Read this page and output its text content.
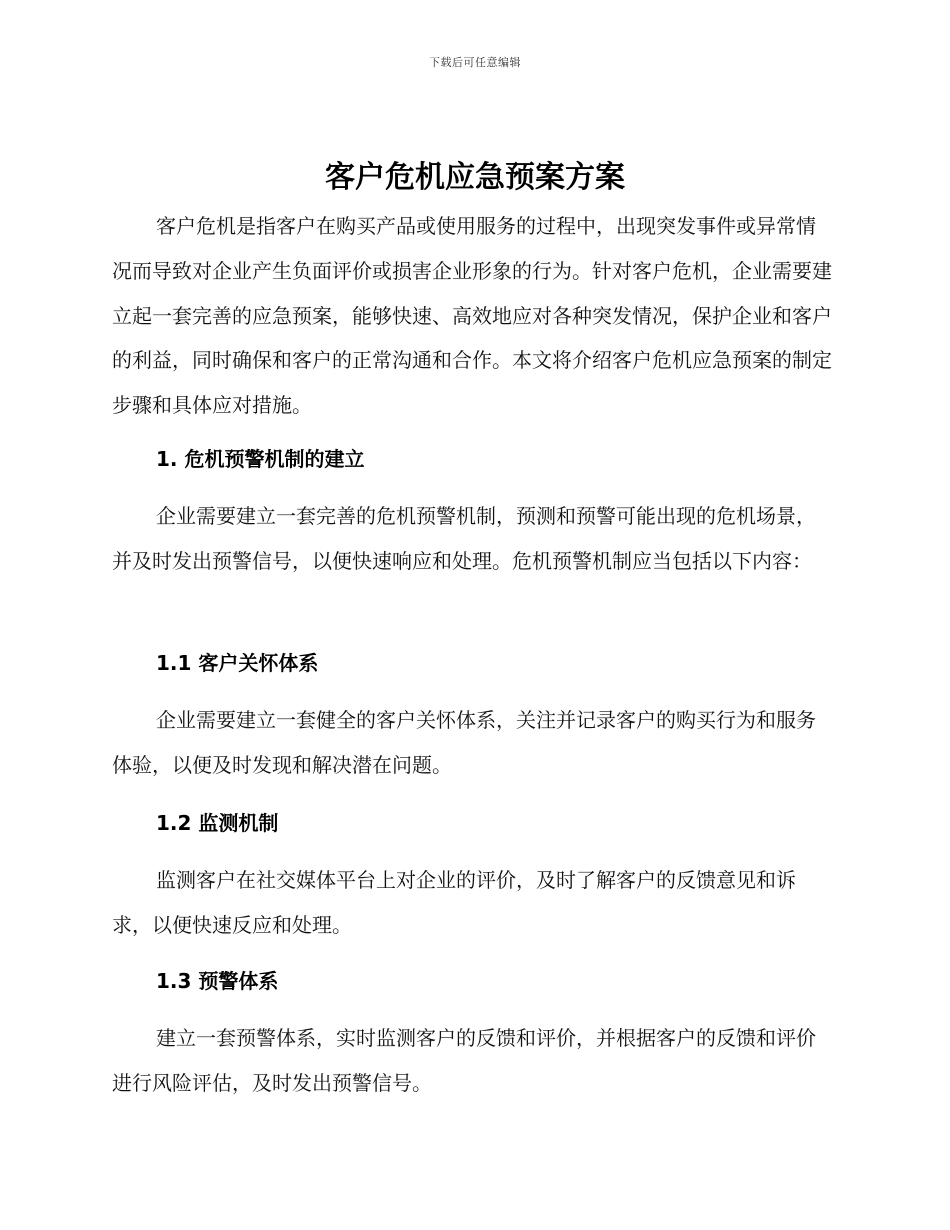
下载后可任意编辑
客户危机应急预案方案

客户危机是指客户在购买产品或使用服务的过程中，出现突发事件或异常情况而导致对企业产生负面评价或损害企业形象的行为。针对客户危机，企业需要建立起一套完善的应急预案，能够快速、高效地应对各种突发情况，保护企业和客户的利益，同时确保和客户的正常沟通和合作。本文将介绍客户危机应急预案的制定步骤和具体应对措施。

1. 危机预警机制的建立

企业需要建立一套完善的危机预警机制，预测和预警可能出现的危机场景，并及时发出预警信号，以便快速响应和处理。危机预警机制应当包括以下内容：

1.1 客户关怀体系

企业需要建立一套健全的客户关怀体系，关注并记录客户的购买行为和服务体验，以便及时发现和解决潜在问题。

1.2 监测机制

监测客户在社交媒体平台上对企业的评价，及时了解客户的反馈意见和诉求，以便快速反应和处理。

1.3 预警体系

建立一套预警体系，实时监测客户的反馈和评价，并根据客户的反馈和评价进行风险评估，及时发出预警信号。
